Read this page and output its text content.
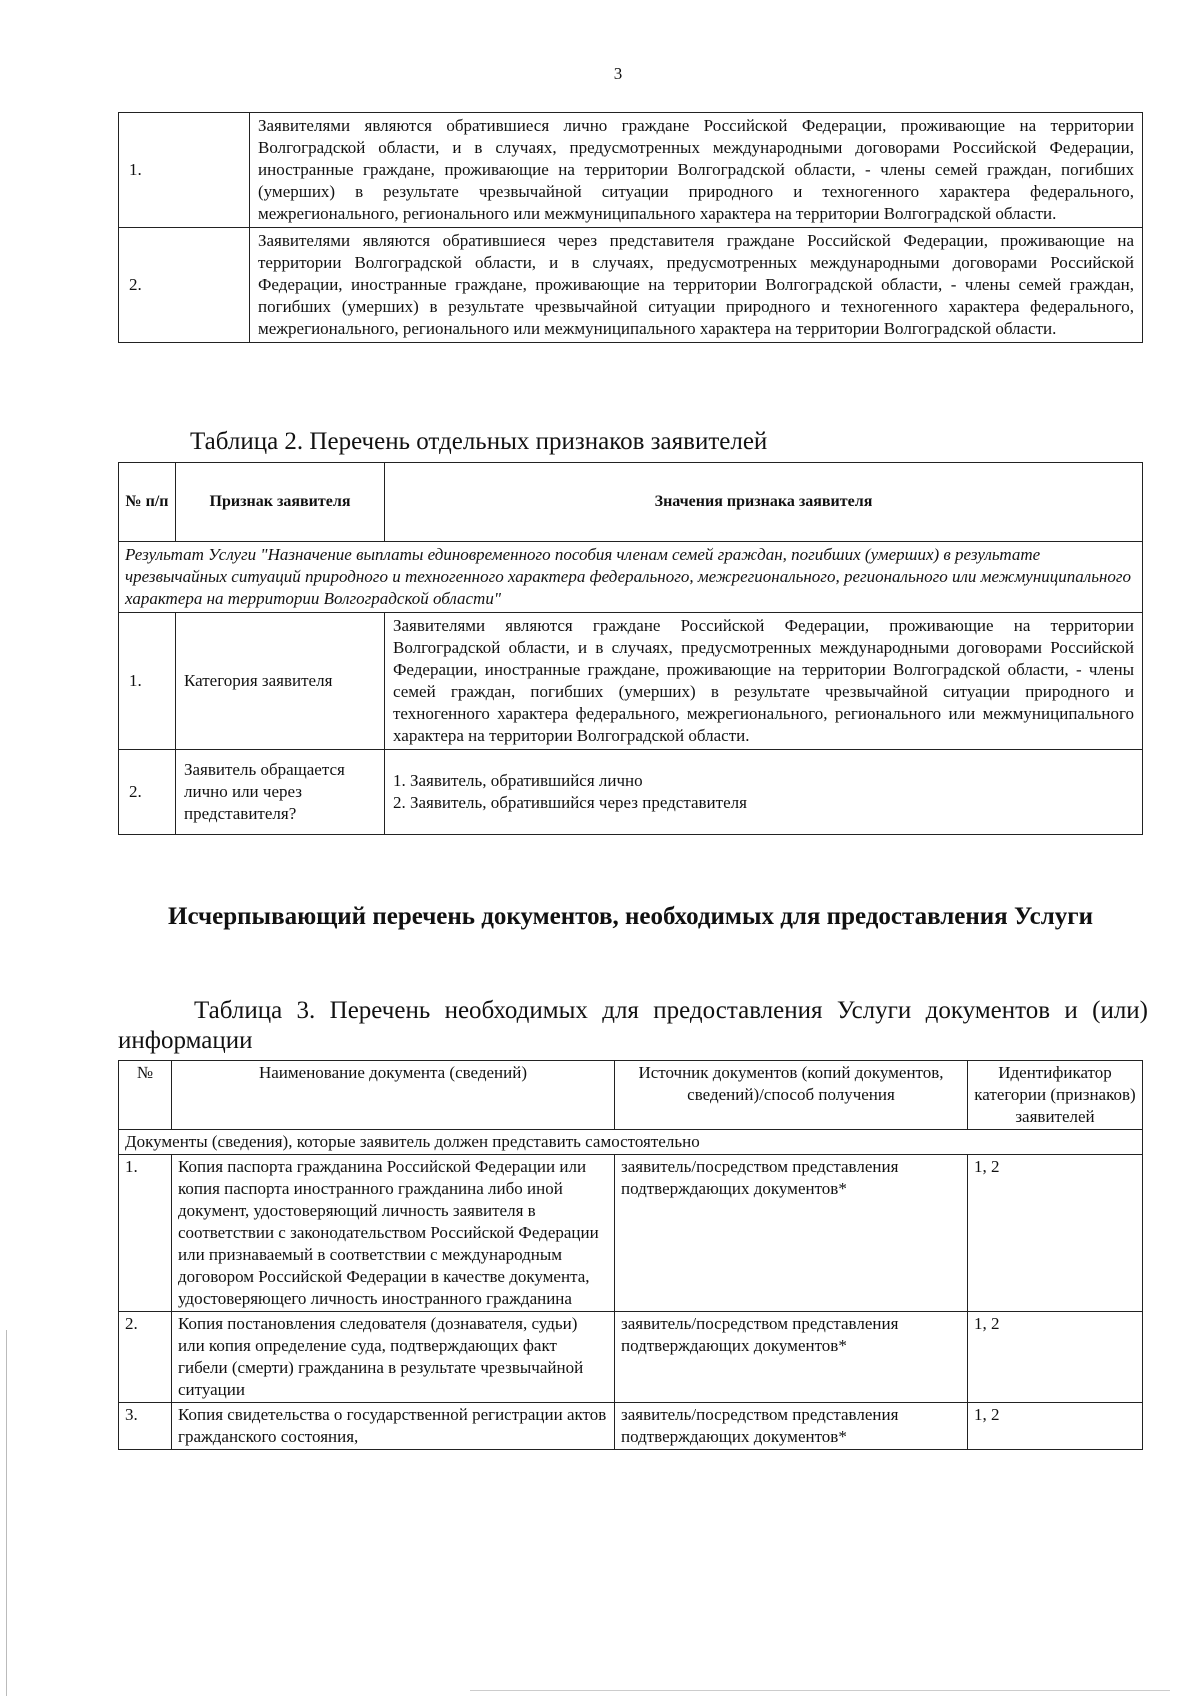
3
1.	Заявителями являются обратившиеся лично граждане Российской Федерации, проживающие на территории Волгоградской области, и в случаях, предусмотренных международными договорами Российской Федерации, иностранные граждане, проживающие на территории Волгоградской области, - члены семей граждан, погибших (умерших) в результате чрезвычайной ситуации природного и техногенного характера федерального, межрегионального, регионального или межмуниципального характера на территории Волгоградской области.
2.	Заявителями являются обратившиеся через представителя граждане Российской Федерации, проживающие на территории Волгоградской области, и в случаях, предусмотренных международными договорами Российской Федерации, иностранные граждане, проживающие на территории Волгоградской области, - члены семей граждан, погибших (умерших) в результате чрезвычайной ситуации природного и техногенного характера федерального, межрегионального, регионального или межмуниципального характера на территории Волгоградской области.
Таблица 2. Перечень отдельных признаков заявителей
№ п/п	Признак заявителя	Значения признака заявителя
Результат Услуги "Назначение выплаты единовременного пособия членам семей граждан, погибших (умерших) в результате чрезвычайных ситуаций природного и техногенного характера федерального, межрегионального, регионального или межмуниципального характера на территории Волгоградской области"		
1.	Категория заявителя	Заявителями являются граждане Российской Федерации, проживающие на территории Волгоградской области, и в случаях, предусмотренных международными договорами Российской Федерации, иностранные граждане, проживающие на территории Волгоградской области, - члены семей граждан, погибших (умерших) в результате чрезвычайной ситуации природного и техногенного характера федерального, межрегионального, регионального или межмуниципального характера на территории Волгоградской области.
2.	Заявитель обращается лично или через представителя?	1. Заявитель, обратившийся лично
2. Заявитель, обратившийся через представителя
Исчерпывающий перечень документов, необходимых для предоставления Услуги
Таблица 3. Перечень необходимых для предоставления Услуги документов и (или) информации
№	Наименование документа (сведений)	Источник документов (копий документов, сведений)/способ получения	Идентификатор категории (признаков) заявителей
Документы (сведения), которые заявитель должен представить самостоятельно			
1.	Копия паспорта гражданина Российской Федерации или копия паспорта иностранного гражданина либо иной документ, удостоверяющий личность заявителя в соответствии с законодательством Российской Федерации или признаваемый в соответствии с международным договором Российской Федерации в качестве документа, удостоверяющего личность иностранного гражданина	заявитель/посредством представления подтверждающих документов*	1, 2
2.	Копия постановления следователя (дознавателя, судьи) или копия определение суда, подтверждающих факт гибели (смерти) гражданина в результате чрезвычайной ситуации	заявитель/посредством представления подтверждающих документов*	1, 2
3.	Копия свидетельства о государственной регистрации актов гражданского состояния,	заявитель/посредством представления подтверждающих документов*	1, 2
